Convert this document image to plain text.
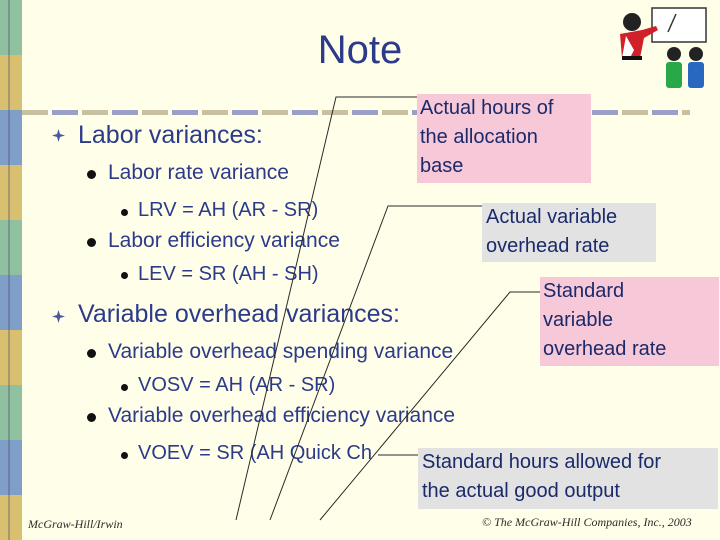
Note
Labor variances:
Labor rate variance
LRV = AH (AR - SR)
Labor efficiency variance
LEV = SR (AH - SH)
Variable overhead variances:
Variable overhead spending variance
VOSV = AH (AR - SR)
Variable overhead efficiency variance
VOEV = SR (AH Quick Ch
Actual hours of
the allocation
base
Actual variable
overhead rate
Standard
variable
overhead rate
Standard hours allowed for
the actual good output
McGraw-Hill/Irwin	© The McGraw-Hill Companies, Inc., 2003
